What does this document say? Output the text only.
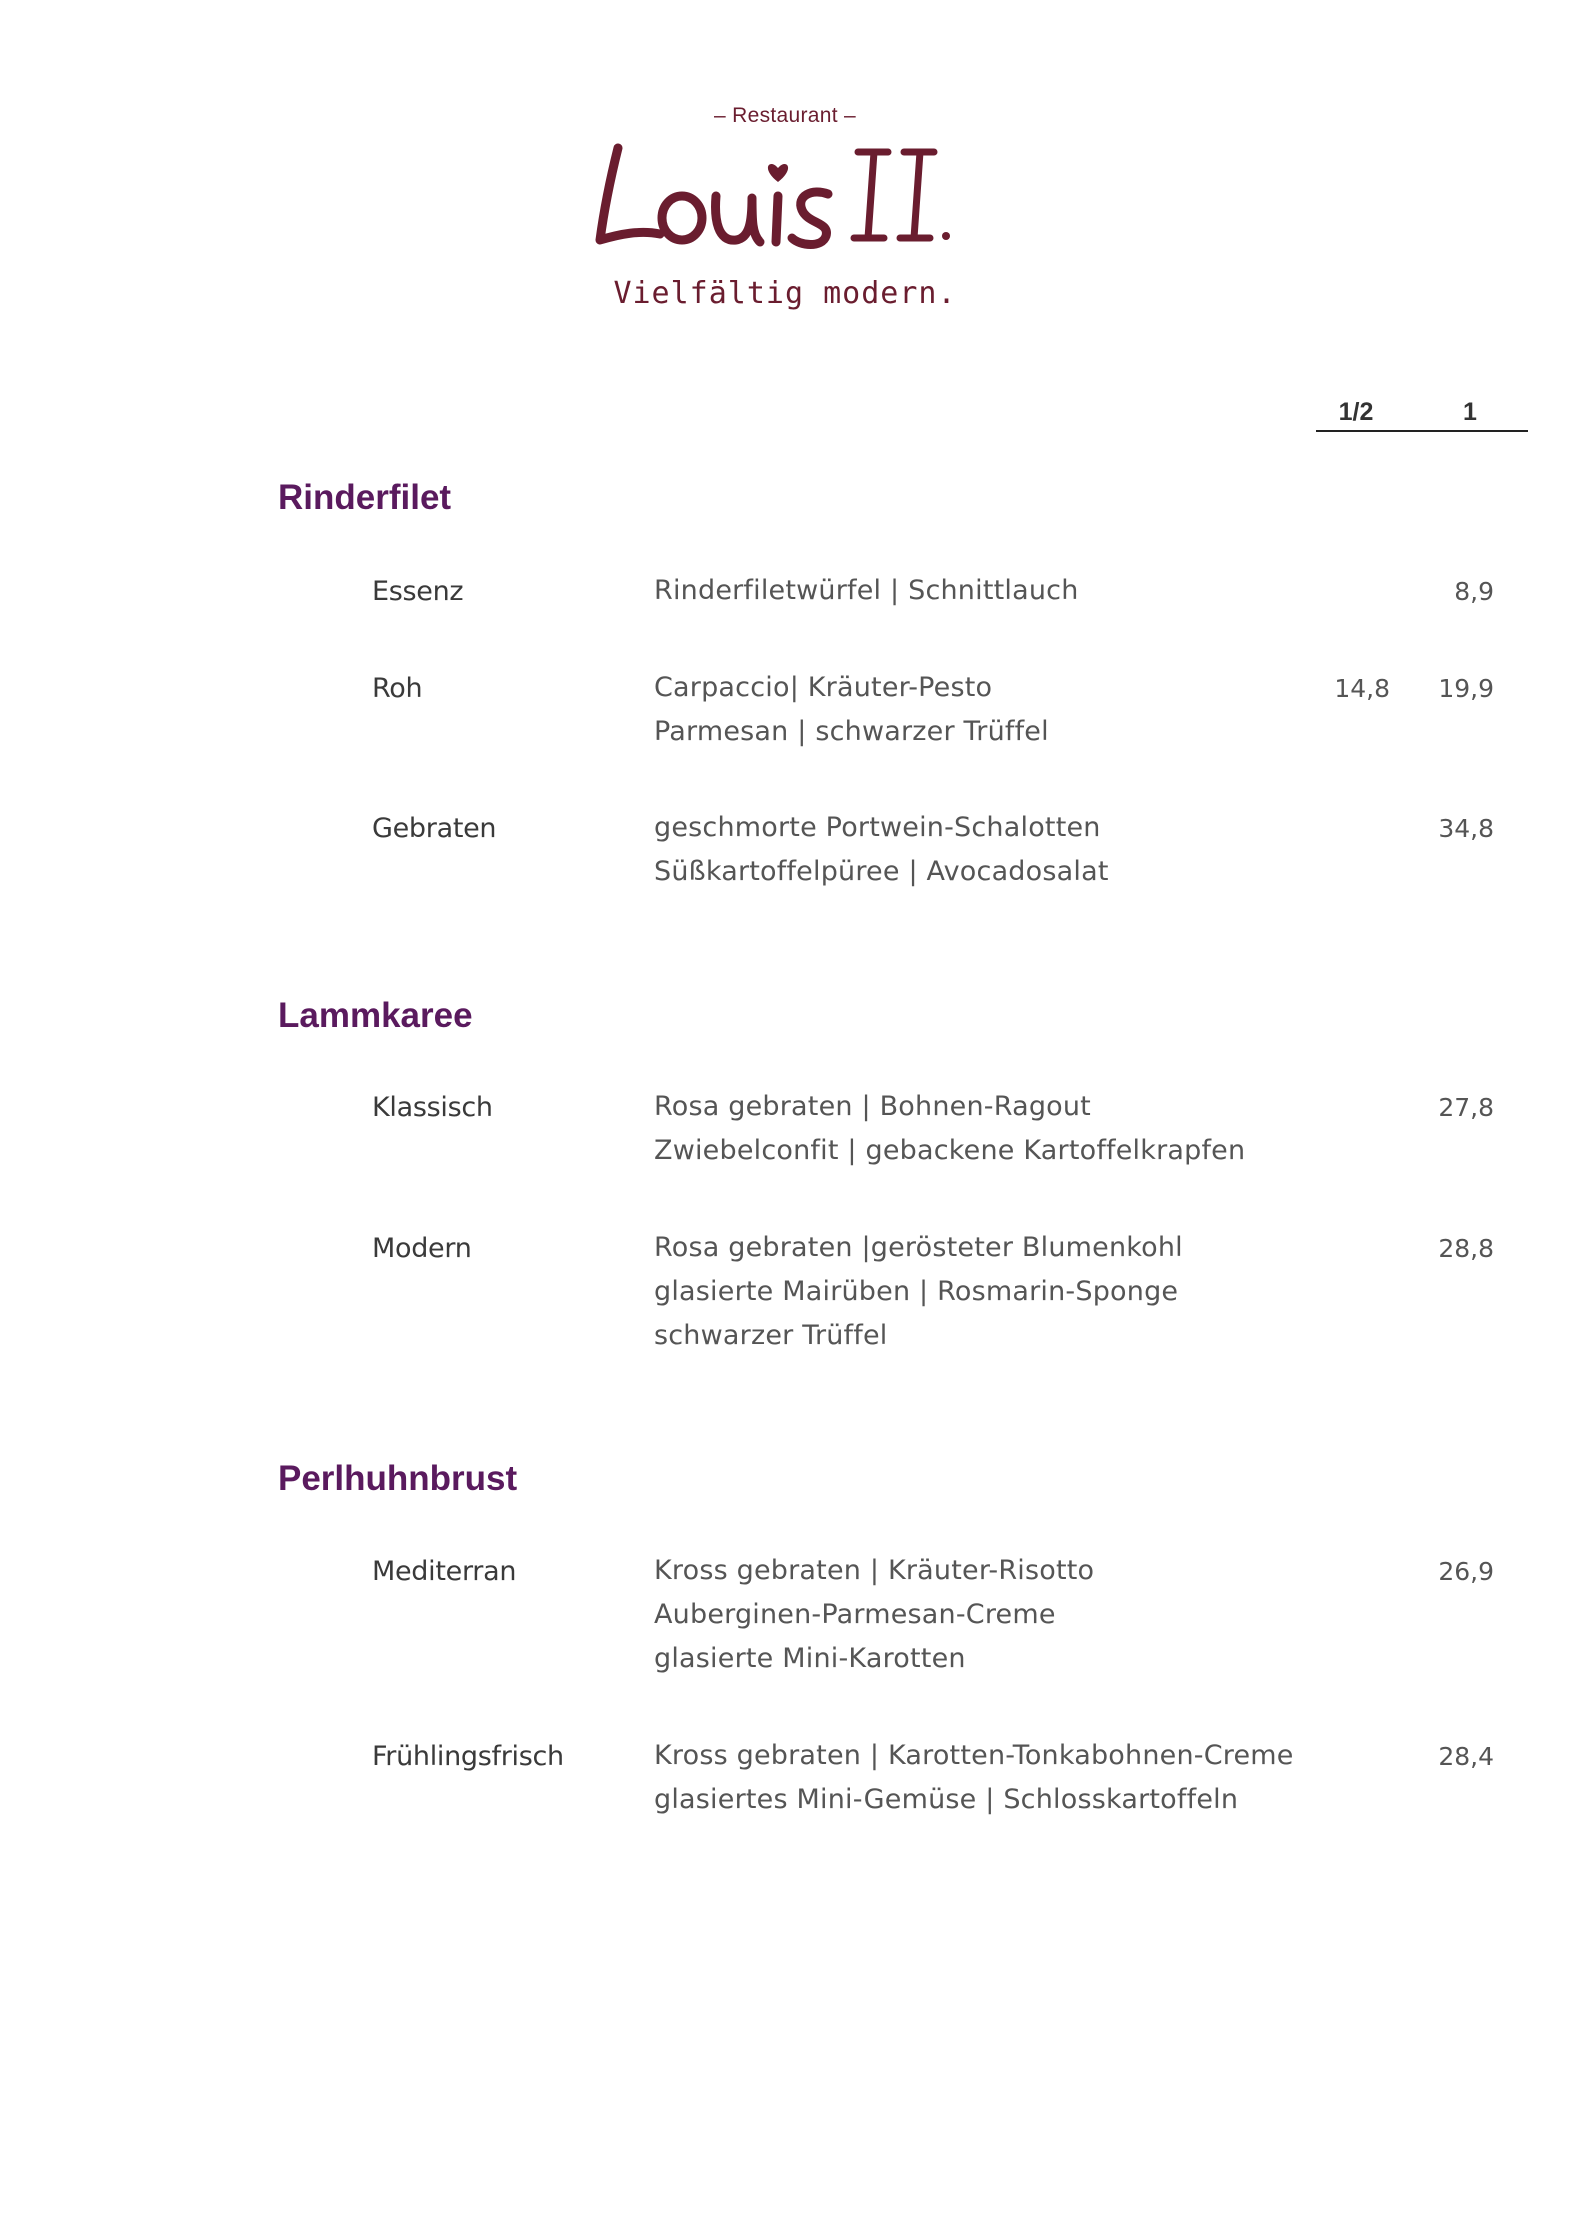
– Restaurant –
Vielfältig modern.
1/2	1
Rinderfilet
Essenz	Rinderfiletwürfel | Schnittlauch	8,9
Roh	Carpaccio| Kräuter-Pesto
Parmesan | schwarzer Trüffel
14,8	19,9
Gebraten	geschmorte Portwein-Schalotten
Süßkartoffelpüree | Avocadosalat
34,8
Lammkaree
Klassisch	Rosa gebraten | Bohnen-Ragout
Zwiebelconfit | gebackene Kartoffelkrapfen
27,8
Modern	Rosa gebraten |gerösteter Blumenkohl
glasierte Mairüben | Rosmarin-Sponge
schwarzer Trüffel
28,8
Perlhuhnbrust
Mediterran	Kross gebraten | Kräuter-Risotto
Auberginen-Parmesan-Creme
glasierte Mini-Karotten
26,9
Frühlingsfrisch	Kross gebraten | Karotten-Tonkabohnen-Creme
glasiertes Mini-Gemüse | Schlosskartoffeln
28,4
